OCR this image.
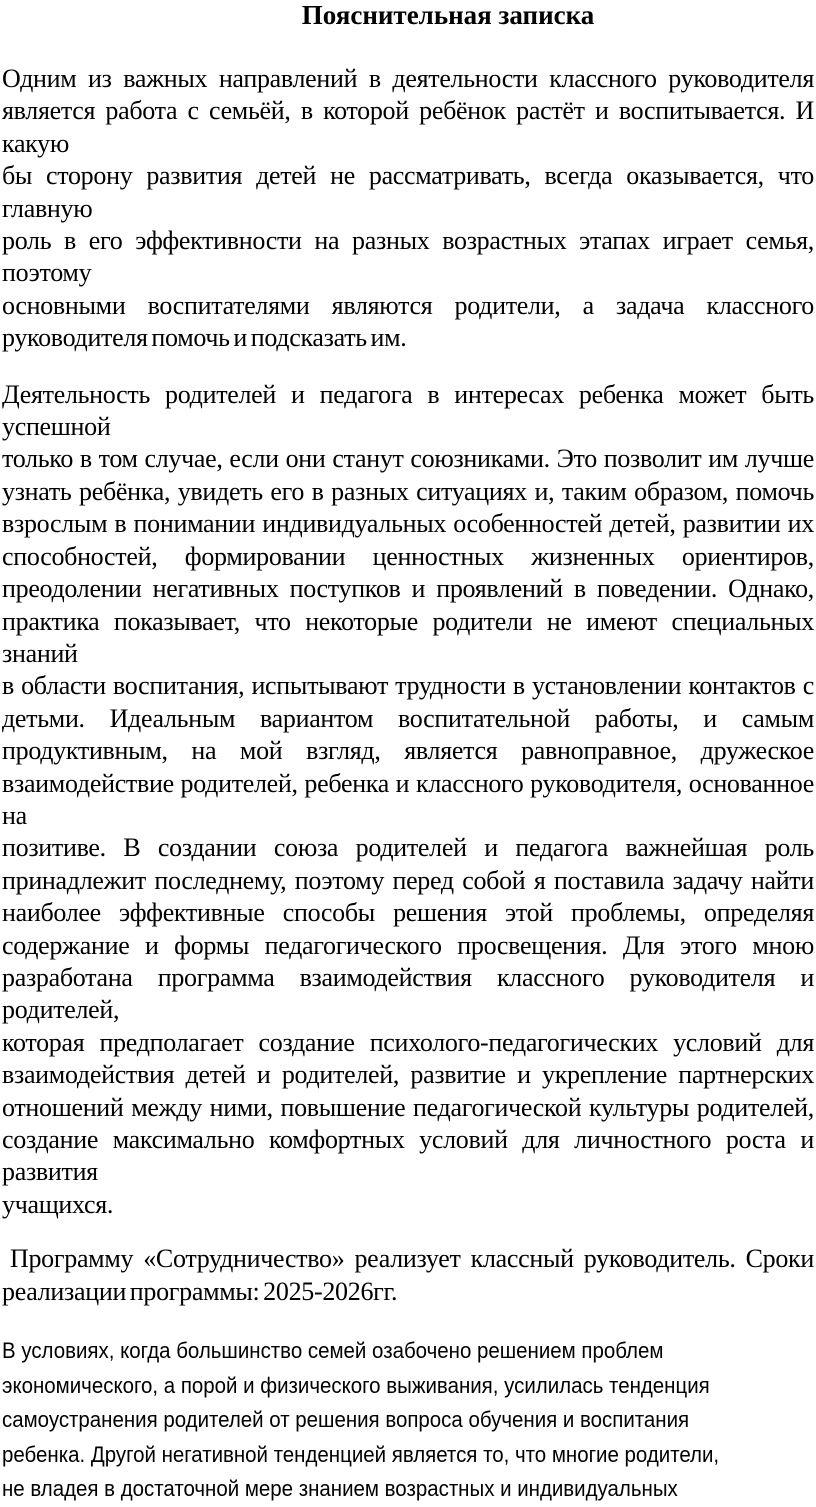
Пояснительная записка
Одним из важных направлений в деятельности классного руководителя
является работа с семьёй, в которой ребёнок растёт и воспитывается. И какую
бы сторону развития детей не рассматривать, всегда оказывается, что главную
роль в его эффективности на разных возрастных этапах играет семья, поэтому
основными воспитателями являются родители, а задача классного
руководителя помочь и подсказать им.
Деятельность родителей и педагога в интересах ребенка может быть успешной
только в том случае, если они станут союзниками. Это позволит им лучше
узнать ребёнка, увидеть его в разных ситуациях и, таким образом, помочь
взрослым в понимании индивидуальных особенностей детей, развитии их
способностей, формировании ценностных жизненных ориентиров,
преодолении негативных поступков и проявлений в поведении. Однако,
практика показывает, что некоторые родители не имеют специальных знаний
в области воспитания, испытывают трудности в установлении контактов с
детьми. Идеальным вариантом воспитательной работы, и самым
продуктивным, на мой взгляд, является равноправное, дружеское
взаимодействие родителей, ребенка и классного руководителя, основанное на
позитиве. В создании союза родителей и педагога важнейшая роль
принадлежит последнему, поэтому перед собой я поставила задачу найти
наиболее эффективные способы решения этой проблемы, определяя
содержание и формы педагогического просвещения. Для этого мною
разработана программа взаимодействия классного руководителя и родителей,
которая предполагает создание психолого-педагогических условий для
взаимодействия детей и родителей, развитие и укрепление партнерских
отношений между ними, повышение педагогической культуры родителей,
создание максимально комфортных условий для личностного роста и развития
учащихся.
Программу «Сотрудничество» реализует классный руководитель. Сроки
реализации программы: 2025-2026гг.
В условиях, когда большинство семей озабочено решением проблем
экономического, а порой и физического выживания, усилилась тенденция
самоустранения родителей от решения вопроса обучения и воспитания
ребенка. Другой негативной тенденцией является то, что многие родители,
не владея в достаточной мере знанием возрастных и индивидуальных
